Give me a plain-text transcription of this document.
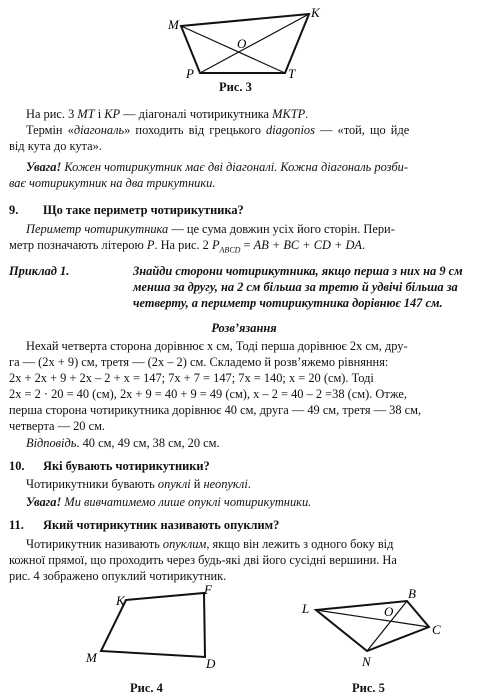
M
K
O
P	T
Рис. 3
На рис. 3 MT і KP — діагоналі чотирикутника MKTP.
Термін «діагональ» походить від грецького diagonios — «той, що йде
від кута до кута».
Увага! Кожен чотирикутник має дві діагоналі. Кожна діагональ розби-
ває чотирикутник на два трикутники.
9.	Що таке периметр чотирикутника?
Периметр чотирикутника — це сума довжин усіх його сторін. Пери-
метр позначають літерою P. На рис. 2 $P_{ABCD}$ = AB + BC + CD + DA.
Приклад 1.	Знайди сторони чотирикутника, якщо перша з них на 9 см
менша за другу, на 2 см більша за третю й удвічі більша за
четверту, а периметр чотирикутника дорівнює 147 см.
Розв’язання
Нехай четверта сторона дорівнює x см, Тоді перша дорівнює 2x см, дру-
га — (2x + 9) см, третя — (2x – 2) см. Складемо й розв’яжемо рівняння:
2x + 2x + 9 + 2x – 2 + x = 147; 7x + 7 = 147; 7x = 140; x = 20 (см). Тоді
2x = 2 · 20 = 40 (см), 2x + 9 = 40 + 9 = 49 (см), x – 2 = 40 – 2 =38 (см). Отже,
перша сторона чотирикутника дорівнює 40 см, друга — 49 см, третя — 38 см,
четверта — 20 см.
Відповідь. 40 см, 49 см, 38 см, 20 см.
10.	Які бувають чотирикутники?
Чотирикутники бувають опуклі й неопуклі.
Увага! Ми вивчатимемо лише опуклі чотирикутники.
11.	Який чотирикутник називають опуклим?
Чотирикутник називають опуклим, якщо він лежить з одного боку від
кожної прямої, що проходить через будь-які дві його сусідні вершини. На
рис. 4 зображено опуклий чотирикутник.
K
F
M	D
Рис. 4
L
B
O
C
N
Рис. 5
